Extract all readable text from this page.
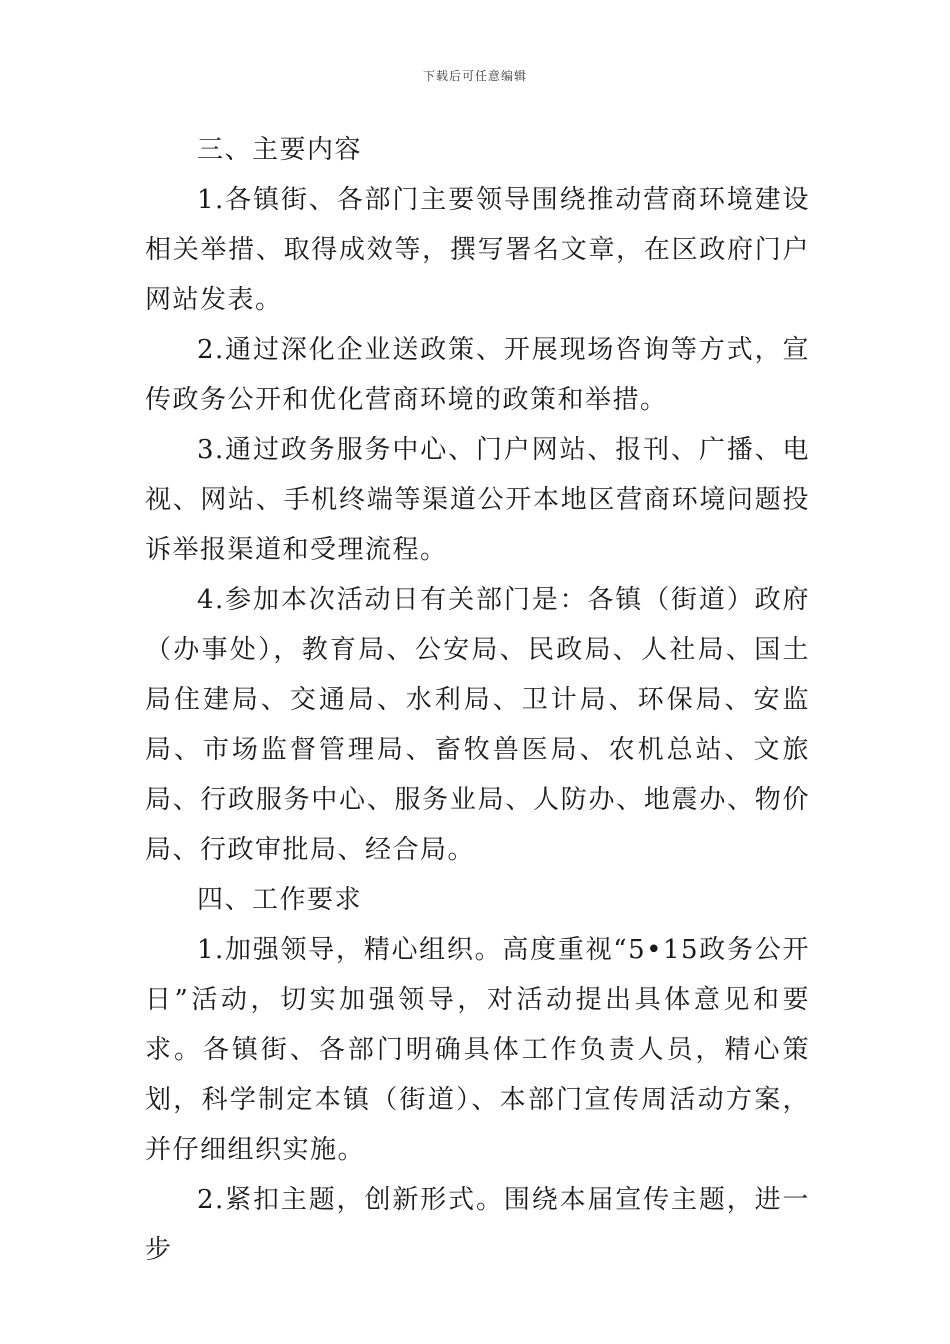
下载后可任意编辑

三、主要内容

1.各镇街、各部门主要领导围绕推动营商环境建设相关举措、取得成效等，撰写署名文章，在区政府门户网站发表。

2.通过深化企业送政策、开展现场咨询等方式，宣传政务公开和优化营商环境的政策和举措。

3.通过政务服务中心、门户网站、报刊、广播、电视、网站、手机终端等渠道公开本地区营商环境问题投诉举报渠道和受理流程。

4.参加本次活动日有关部门是：各镇（街道）政府（办事处），教育局、公安局、民政局、人社局、国土局住建局、交通局、水利局、卫计局、环保局、安监局、市场监督管理局、畜牧兽医局、农机总站、文旅局、行政服务中心、服务业局、人防办、地震办、物价局、行政审批局、经合局。

四、工作要求

1.加强领导，精心组织。高度重视“5•15政务公开日”活动，切实加强领导，对活动提出具体意见和要求。各镇街、各部门明确具体工作负责人员，精心策划，科学制定本镇（街道）、本部门宣传周活动方案，并仔细组织实施。

2.紧扣主题，创新形式。围绕本届宣传主题，进一步
